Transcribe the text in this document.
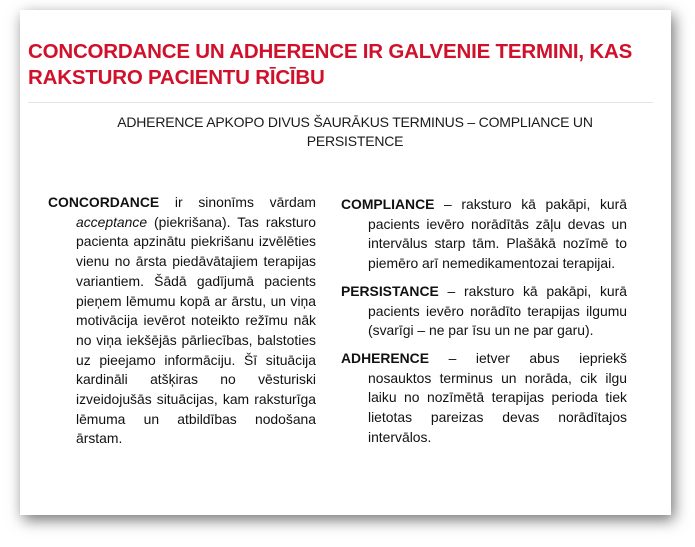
CONCORDANCE UN ADHERENCE IR GALVENIE TERMINI, KAS RAKSTURO PACIENTU RĪCĪBU
ADHERENCE APKOPO DIVUS ŠAURĀKUS TERMINUS – COMPLIANCE UN PERSISTENCE

CONCORDANCE ir sinonīms vārdam acceptance (piekrišana). Tas raksturo pacienta apzinātu piekrišanu izvēlēties vienu no ārsta piedāvātajiem terapijas variantiem. Šādā gadījumā pacients pieņem lēmumu kopā ar ārstu, un viņa motivācija ievērot noteikto režīmu nāk no viņa iekšējās pārliecības, balstoties uz pieejamo informāciju. Šī situācija kardināli atšķiras no vēsturiski izveidojušās situācijas, kam raksturīga lēmuma un atbildības nodošana ārstam.

COMPLIANCE – raksturo kā pakāpi, kurā pacients ievēro norādītās zāļu devas un intervālus starp tām. Plašākā nozīmē to piemēro arī nemedikamentozai terapijai.

PERSISTANCE – raksturo kā pakāpi, kurā pacients ievēro norādīto terapijas ilgumu (svarīgi – ne par īsu un ne par garu).

ADHERENCE – ietver abus iepriekš nosauktos terminus un norāda, cik ilgu laiku no nozīmētā terapijas perioda tiek lietotas pareizas devas norādītajos intervālos.
